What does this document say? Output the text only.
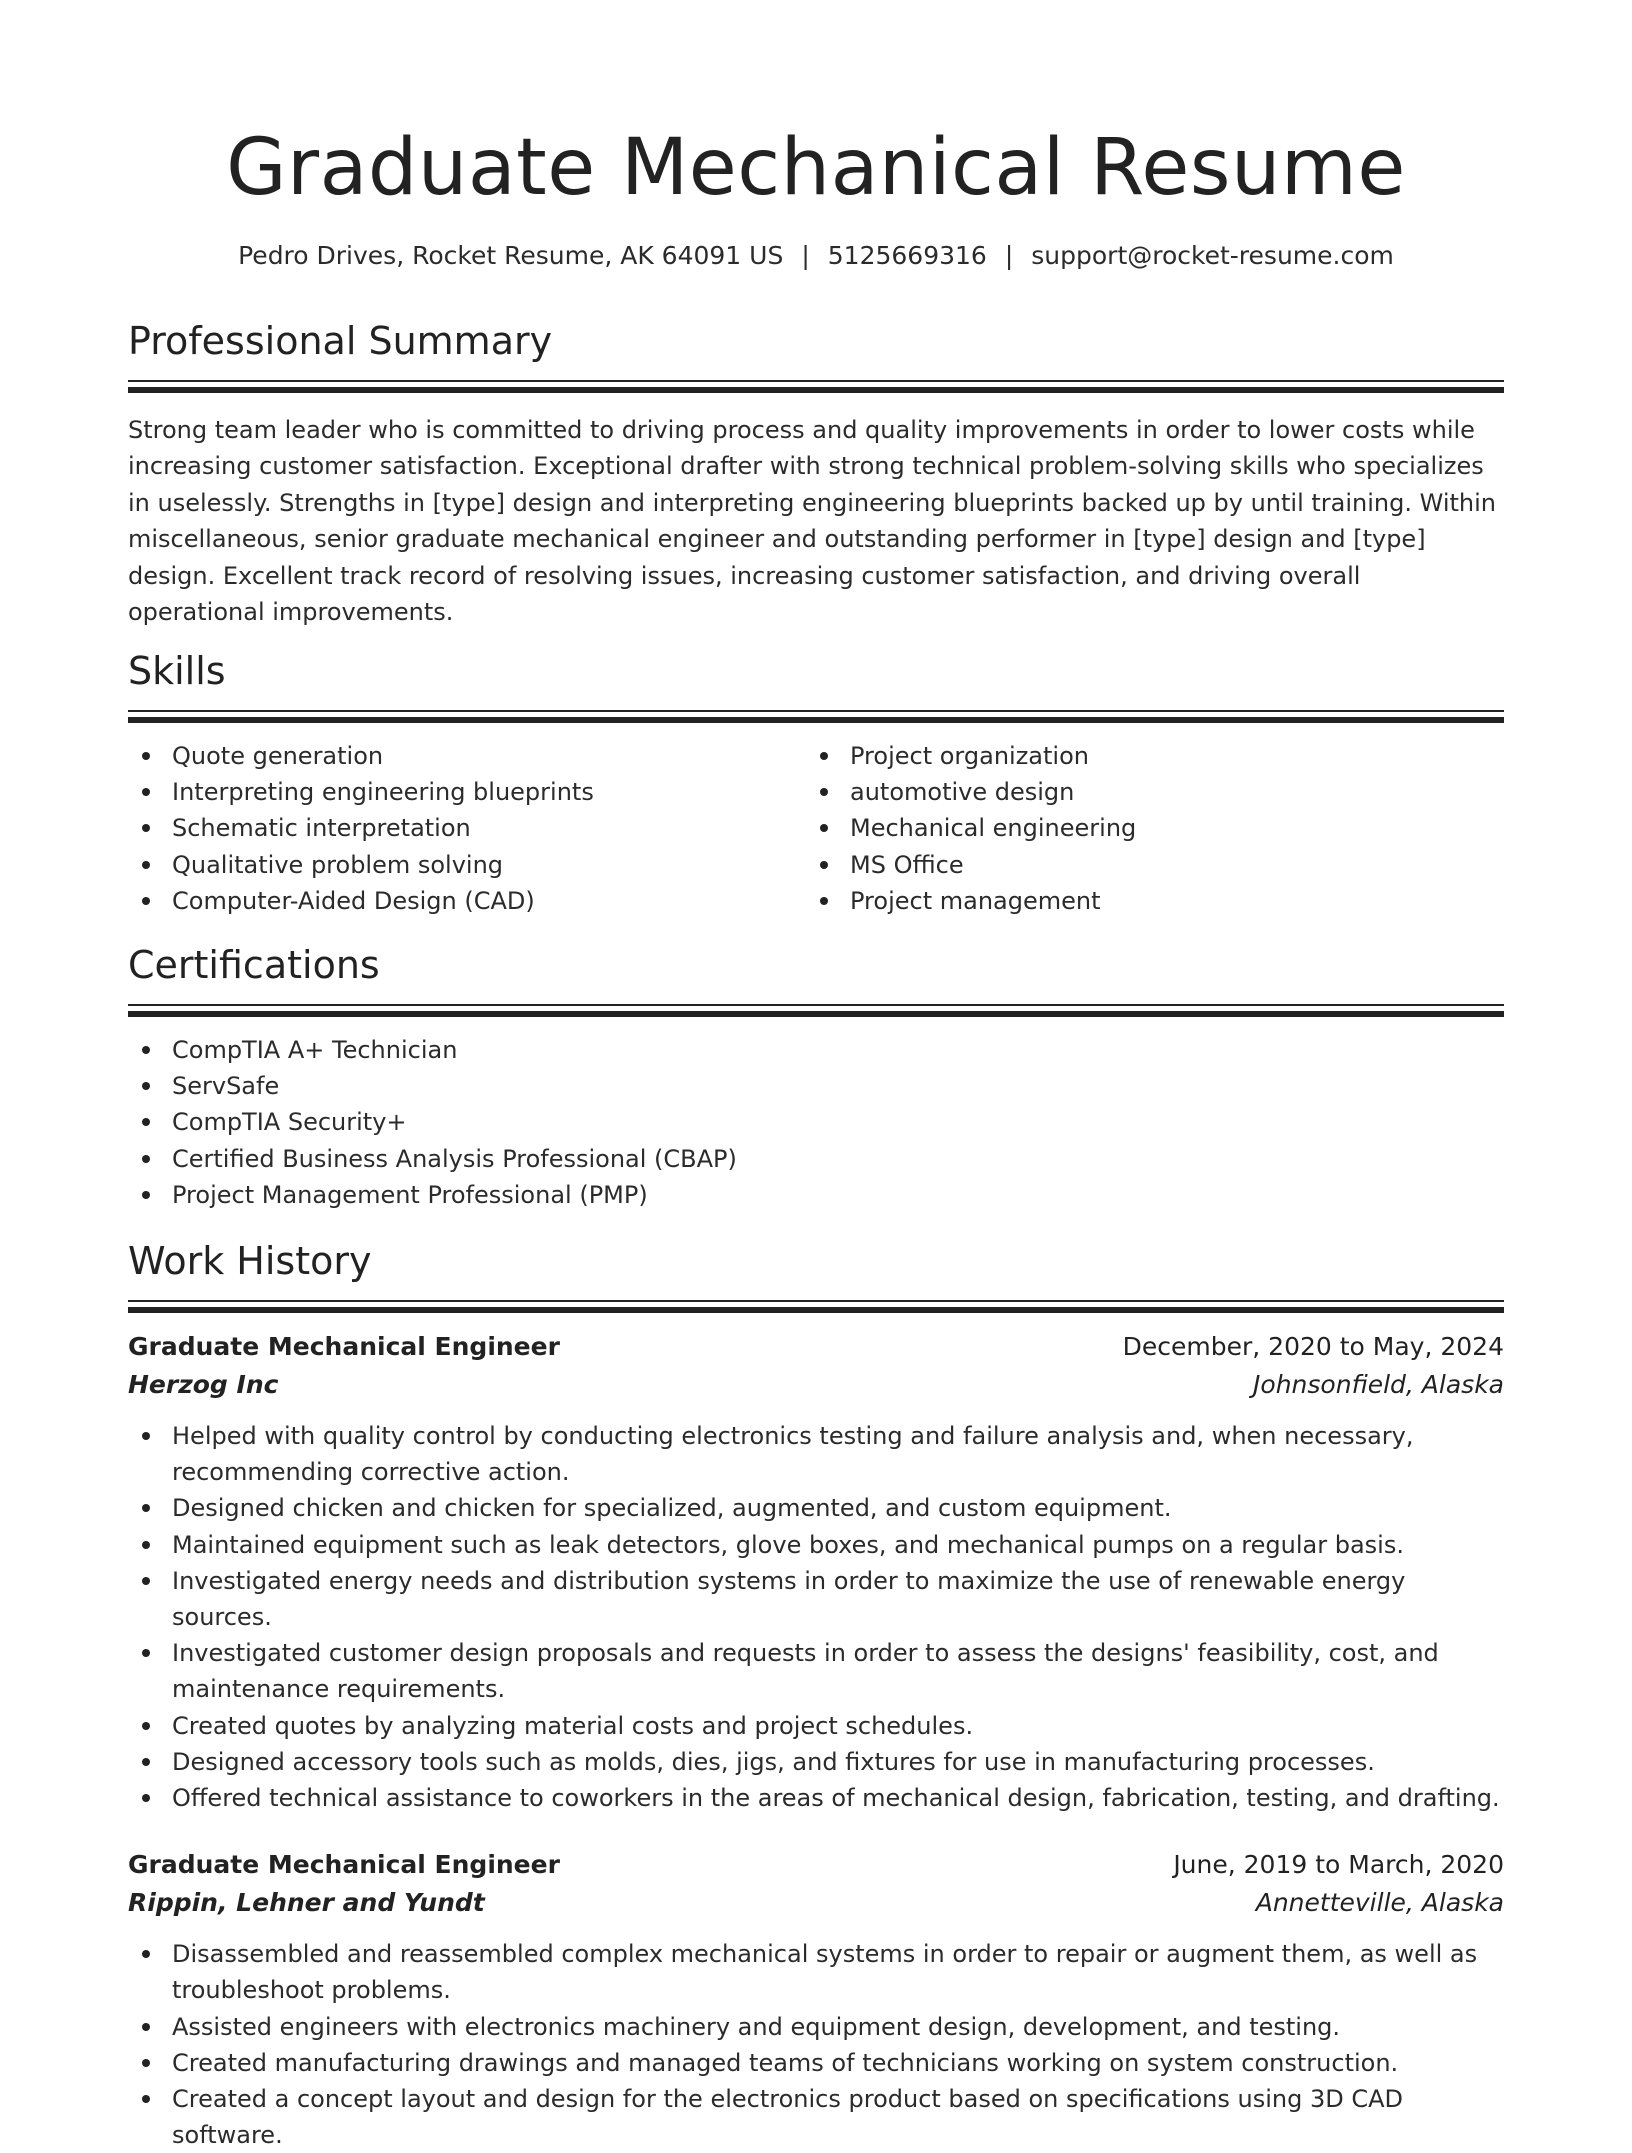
Graduate Mechanical Resume
Pedro Drives, Rocket Resume, AK 64091 US | 5125669316 | support@rocket-resume.com
Professional Summary

Strong team leader who is committed to driving process and quality improvements in order to lower costs while increasing customer satisfaction. Exceptional drafter with strong technical problem-solving skills who specializes in uselessly. Strengths in [type] design and interpreting engineering blueprints backed up by until training. Within miscellaneous, senior graduate mechanical engineer and outstanding performer in [type] design and [type] design. Excellent track record of resolving issues, increasing customer satisfaction, and driving overall operational improvements.

Skills
Quote generation
Interpreting engineering blueprints
Schematic interpretation
Qualitative problem solving
Computer-Aided Design (CAD)
Project organization
automotive design
Mechanical engineering
MS Office
Project management
Certifications
CompTIA A+ Technician
ServSafe
CompTIA Security+
Certified Business Analysis Professional (CBAP)
Project Management Professional (PMP)
Work History
Graduate Mechanical Engineer	December, 2020 to May, 2024
Herzog Inc	Johnsonfield, Alaska
Helped with quality control by conducting electronics testing and failure analysis and, when necessary, recommending corrective action.
Designed chicken and chicken for specialized, augmented, and custom equipment.
Maintained equipment such as leak detectors, glove boxes, and mechanical pumps on a regular basis.
Investigated energy needs and distribution systems in order to maximize the use of renewable energy sources.
Investigated customer design proposals and requests in order to assess the designs' feasibility, cost, and maintenance requirements.
Created quotes by analyzing material costs and project schedules.
Designed accessory tools such as molds, dies, jigs, and fixtures for use in manufacturing processes.
Offered technical assistance to coworkers in the areas of mechanical design, fabrication, testing, and drafting.
Graduate Mechanical Engineer	June, 2019 to March, 2020
Rippin, Lehner and Yundt	Annetteville, Alaska
Disassembled and reassembled complex mechanical systems in order to repair or augment them, as well as troubleshoot problems.
Assisted engineers with electronics machinery and equipment design, development, and testing.
Created manufacturing drawings and managed teams of technicians working on system construction.
Created a concept layout and design for the electronics product based on specifications using 3D CAD software.
